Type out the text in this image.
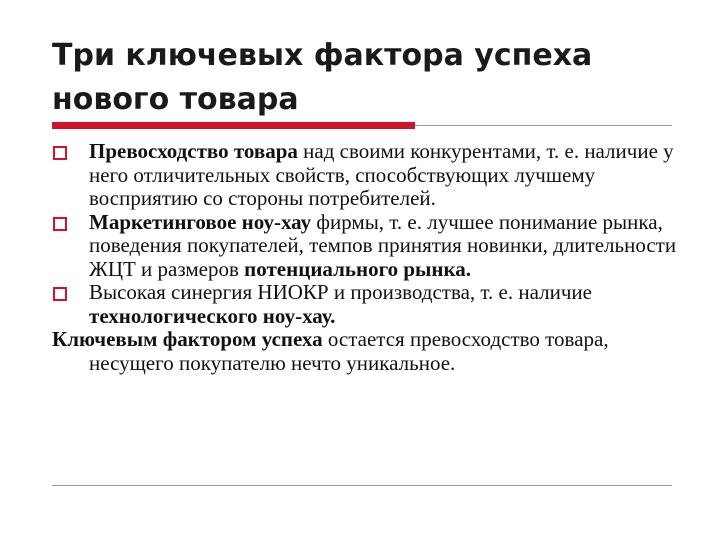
Три ключевых фактора успеха нового товара
Превосходство товара над своими конкурентами, т. е. наличие у него отличительных свойств, способствующих лучшему восприятию со стороны потребителей.
Маркетинговое ноу-хау фирмы, т. е. лучшее понимание рынка, поведения покупателей, темпов принятия новинки, длительности ЖЦТ и размеров потенциального рынка.
Высокая синергия НИОКР и производства, т. е. наличие технологического ноу-хау.
Ключевым фактором успеха остается превосходство товара, несущего покупателю нечто уникальное.
